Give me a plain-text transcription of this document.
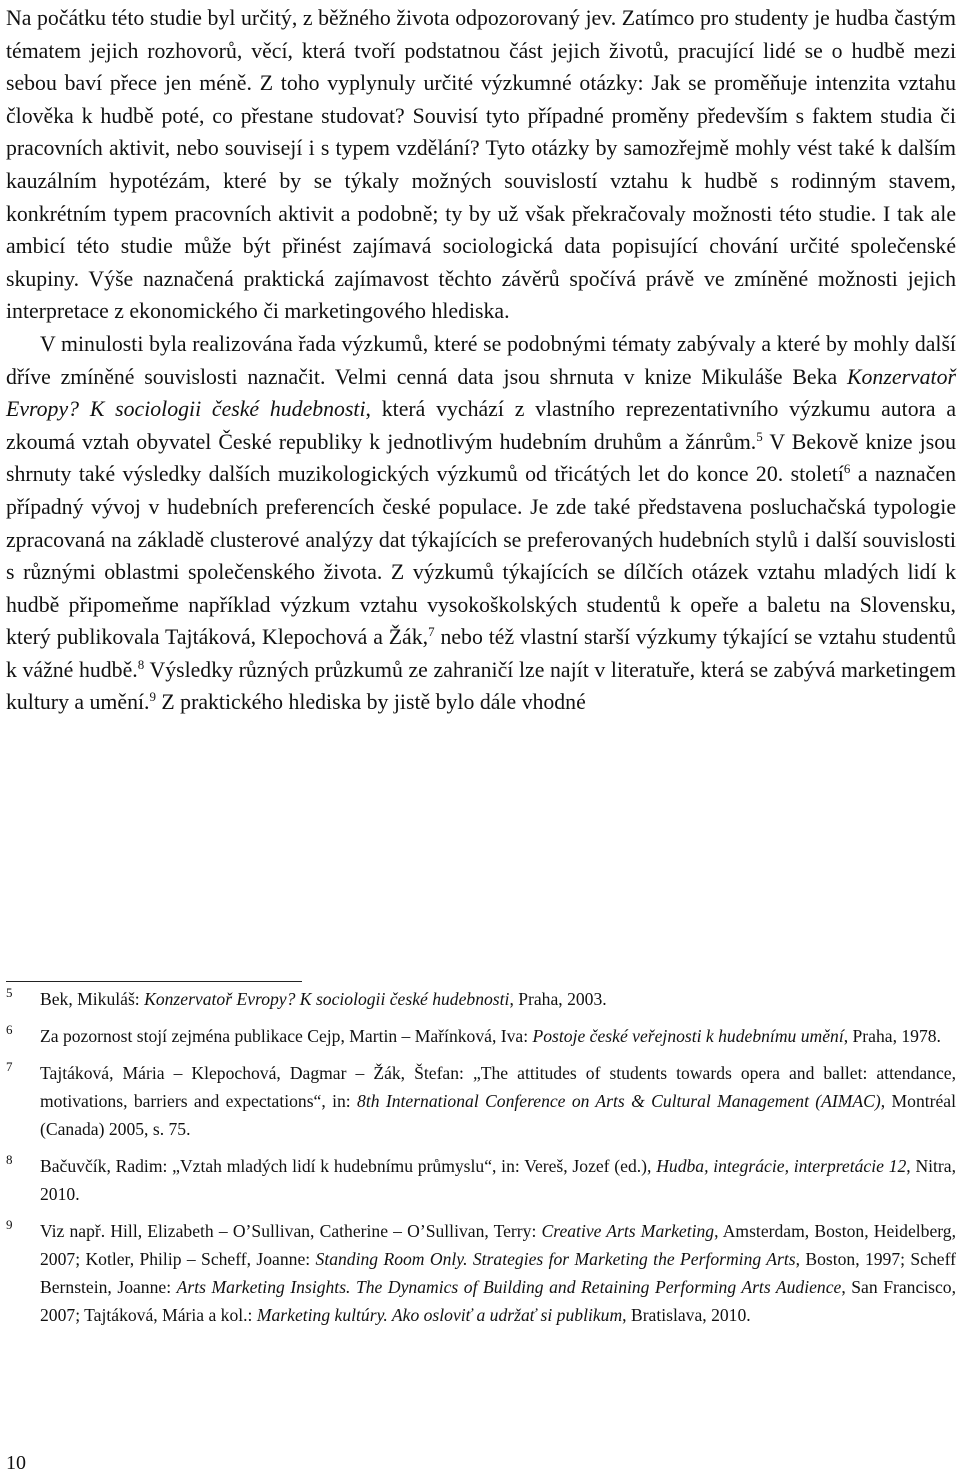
Na počátku této studie byl určitý, z běžného života odpozorovaný jev. Zatímco pro studenty je hudba častým tématem jejich rozhovorů, věcí, která tvoří podstatnou část jejich životů, pracující lidé se o hudbě mezi sebou baví přece jen méně. Z toho vyplynuly určité výzkumné otázky: Jak se proměňuje intenzita vztahu člověka k hudbě poté, co přestane studovat? Souvisí tyto případné proměny především s faktem studia či pracovních aktivit, nebo souvisejí i s typem vzdělání? Tyto otázky by samozřejmě mohly vést také k dalším kauzálním hypotézám, které by se týkaly možných souvislostí vztahu k hudbě s rodinným stavem, konkrétním typem pracovních aktivit a podobně; ty by už však překračovaly možnosti této studie. I tak ale ambicí této studie může být přinést zajímavá sociologická data popisující chování určité společenské skupiny. Výše naznačená praktická zajímavost těchto závěrů spočívá právě ve zmíněné možnosti jejich interpretace z ekonomického či marketingového hlediska.

V minulosti byla realizována řada výzkumů, které se podobnými tématy zabývaly a které by mohly další dříve zmíněné souvislosti naznačit. Velmi cenná data jsou shrnuta v knize Mikuláše Beka Konzervatoř Evropy? K sociologii české hudebnosti, která vychází z vlastního reprezentativního výzkumu autora a zkoumá vztah obyvatel České republiky k jednotlivým hudebním druhům a žánrům.$^5$ V Bekově knize jsou shrnuty také výsledky dalších muzikologických výzkumů od třicátých let do konce 20. století$^6$ a naznačen případný vývoj v hudebních preferencích české populace. Je zde také představena posluchačská typologie zpracovaná na základě clusterové analýzy dat týkajících se preferovaných hudebních stylů i další souvislosti s různými oblastmi společenského života. Z výzkumů týkajících se dílčích otázek vztahu mladých lidí k hudbě připomeňme například výzkum vztahu vysokoškolských studentů k opeře a baletu na Slovensku, který publikovala Tajtáková, Klepochová a Žák,$^7$ nebo též vlastní starší výzkumy týkající se vztahu studentů k vážné hudbě.$^8$ Výsledky různých průzkumů ze zahraničí lze najít v literatuře, která se zabývá marketingem kultury a umění.$^9$ Z praktického hlediska by jistě bylo dále vhodné

5 Bek, Mikuláš: Konzervatoř Evropy? K sociologii české hudebnosti, Praha, 2003.
6 Za pozornost stojí zejména publikace Cejp, Martin – Mařínková, Iva: Postoje české veřejnosti k hudebnímu umění, Praha, 1978.
7 Tajtáková, Mária – Klepochová, Dagmar – Žák, Štefan: „The attitudes of students towards opera and ballet: attendance, motivations, barriers and expectations“, in: 8th International Conference on Arts & Cultural Management (AIMAC), Montréal (Canada) 2005, s. 75.
8 Bačuvčík, Radim: „Vztah mladých lidí k hudebnímu průmyslu“, in: Vereš, Jozef (ed.), Hudba, integrácie, interpretácie 12, Nitra, 2010.
9 Viz např. Hill, Elizabeth – O’Sullivan, Catherine – O’Sullivan, Terry: Creative Arts Marketing, Amsterdam, Boston, Heidelberg, 2007; Kotler, Philip – Scheff, Joanne: Standing Room Only. Strategies for Marketing the Performing Arts, Boston, 1997; Scheff Bernstein, Joanne: Arts Marketing Insights. The Dynamics of Building and Retaining Performing Arts Audience, San Francisco, 2007; Tajtáková, Mária a kol.: Marketing kultúry. Ako osloviť a udržať si publikum, Bratislava, 2010.
10
